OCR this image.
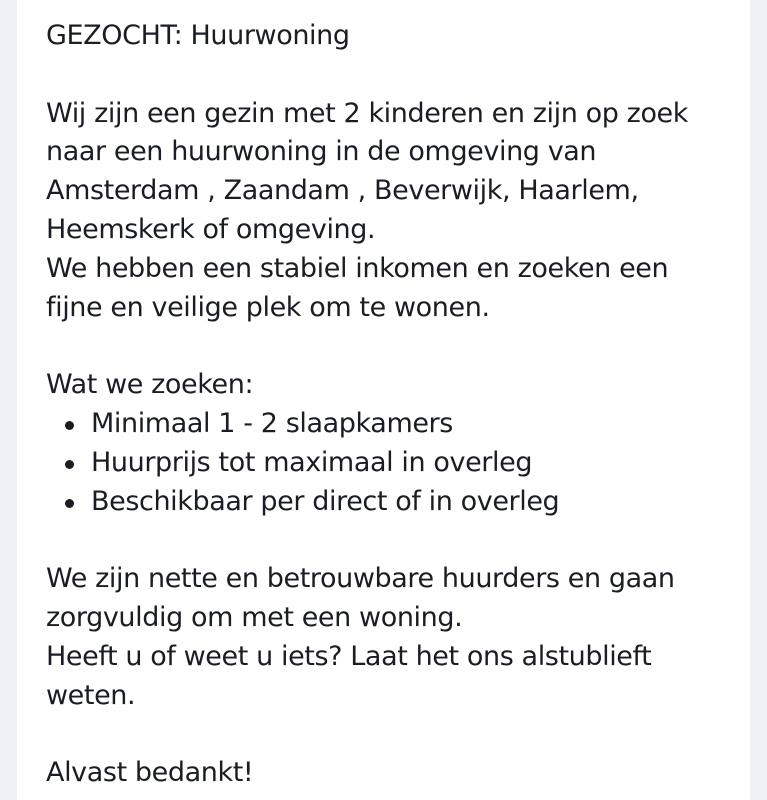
GEZOCHT: Huurwoning
Wij zijn een gezin met 2 kinderen en zijn op zoek
naar een huurwoning in de omgeving van
Amsterdam , Zaandam , Beverwijk, Haarlem,
Heemskerk of omgeving.
We hebben een stabiel inkomen en zoeken een
fijne en veilige plek om te wonen.
Wat we zoeken:
Minimaal 1 - 2 slaapkamers
Huurprijs tot maximaal in overleg
Beschikbaar per direct of in overleg
We zijn nette en betrouwbare huurders en gaan
zorgvuldig om met een woning.
Heeft u of weet u iets? Laat het ons alstublieft
weten.
Alvast bedankt!
